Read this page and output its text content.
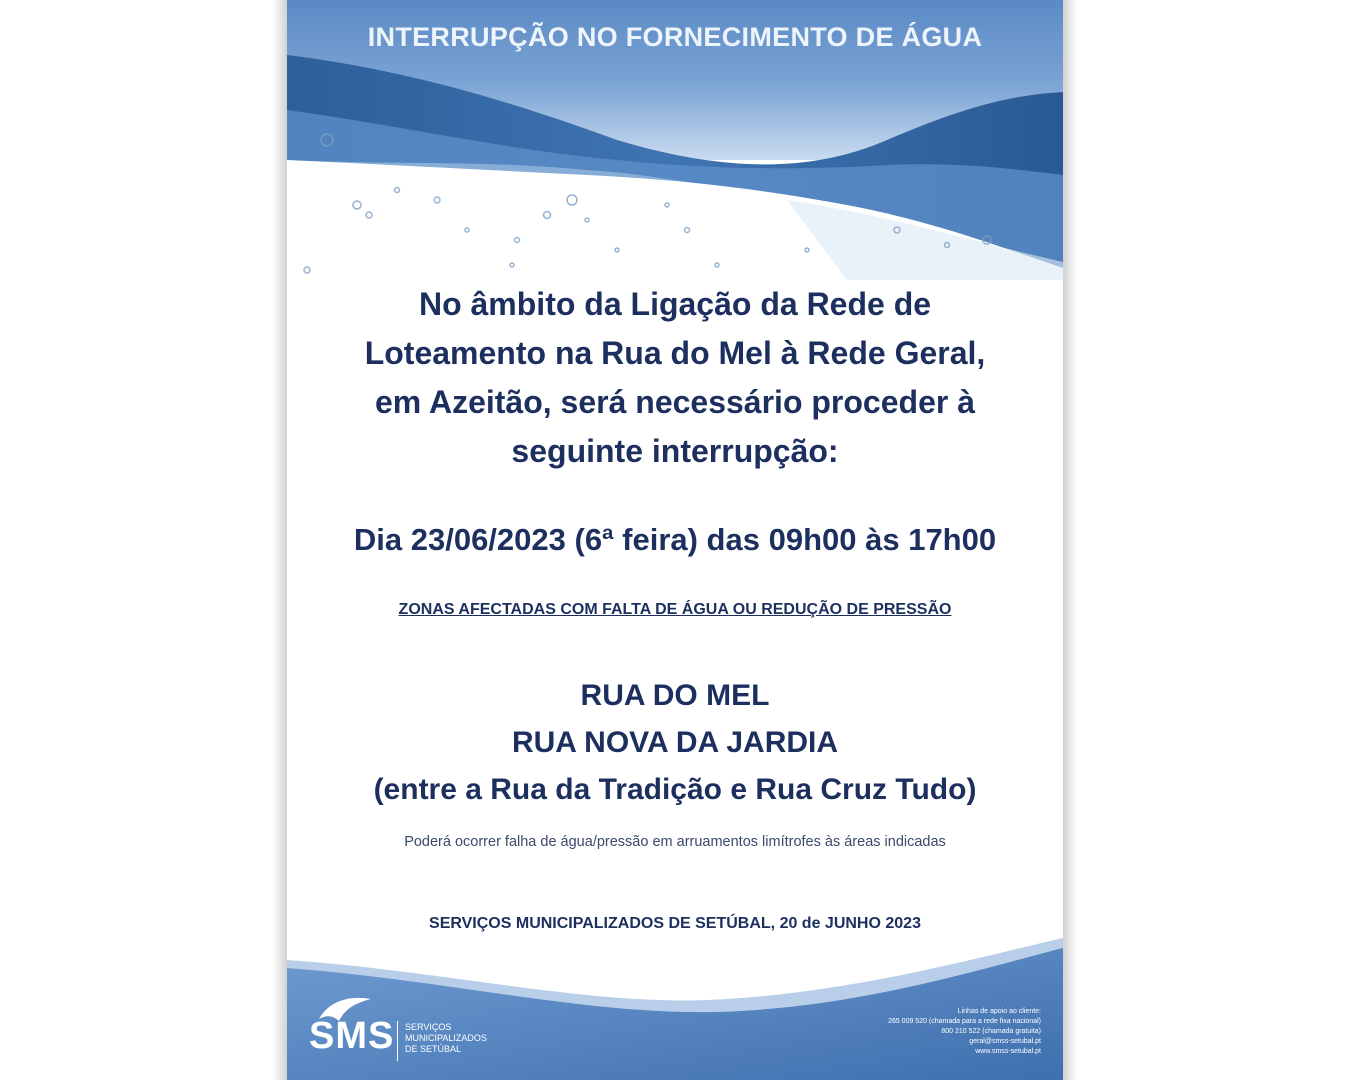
INTERRUPÇÃO NO FORNECIMENTO DE ÁGUA
No âmbito da Ligação da Rede de
Loteamento na Rua do Mel à Rede Geral,
em Azeitão, será necessário proceder à
seguinte interrupção:
Dia 23/06/2023 (6ª feira) das 09h00 às 17h00
ZONAS AFECTADAS COM FALTA DE ÁGUA OU REDUÇÃO DE PRESSÃO
RUA DO MEL
RUA NOVA DA JARDIA
(entre a Rua da Tradição e Rua Cruz Tudo)
Poderá ocorrer falha de água/pressão em arruamentos limítrofes às áreas indicadas
SERVIÇOS MUNICIPALIZADOS DE SETÚBAL, 20 de JUNHO 2023
SMS SERVIÇOS
MUNICIPALIZADOS
DE SETÚBAL
Linhas de apoio ao cliente:
265 009 520 (chamada para a rede fixa nacional)
800 210 522 (chamada gratuita)
geral@smss-setubal.pt
www.smss-setubal.pt
